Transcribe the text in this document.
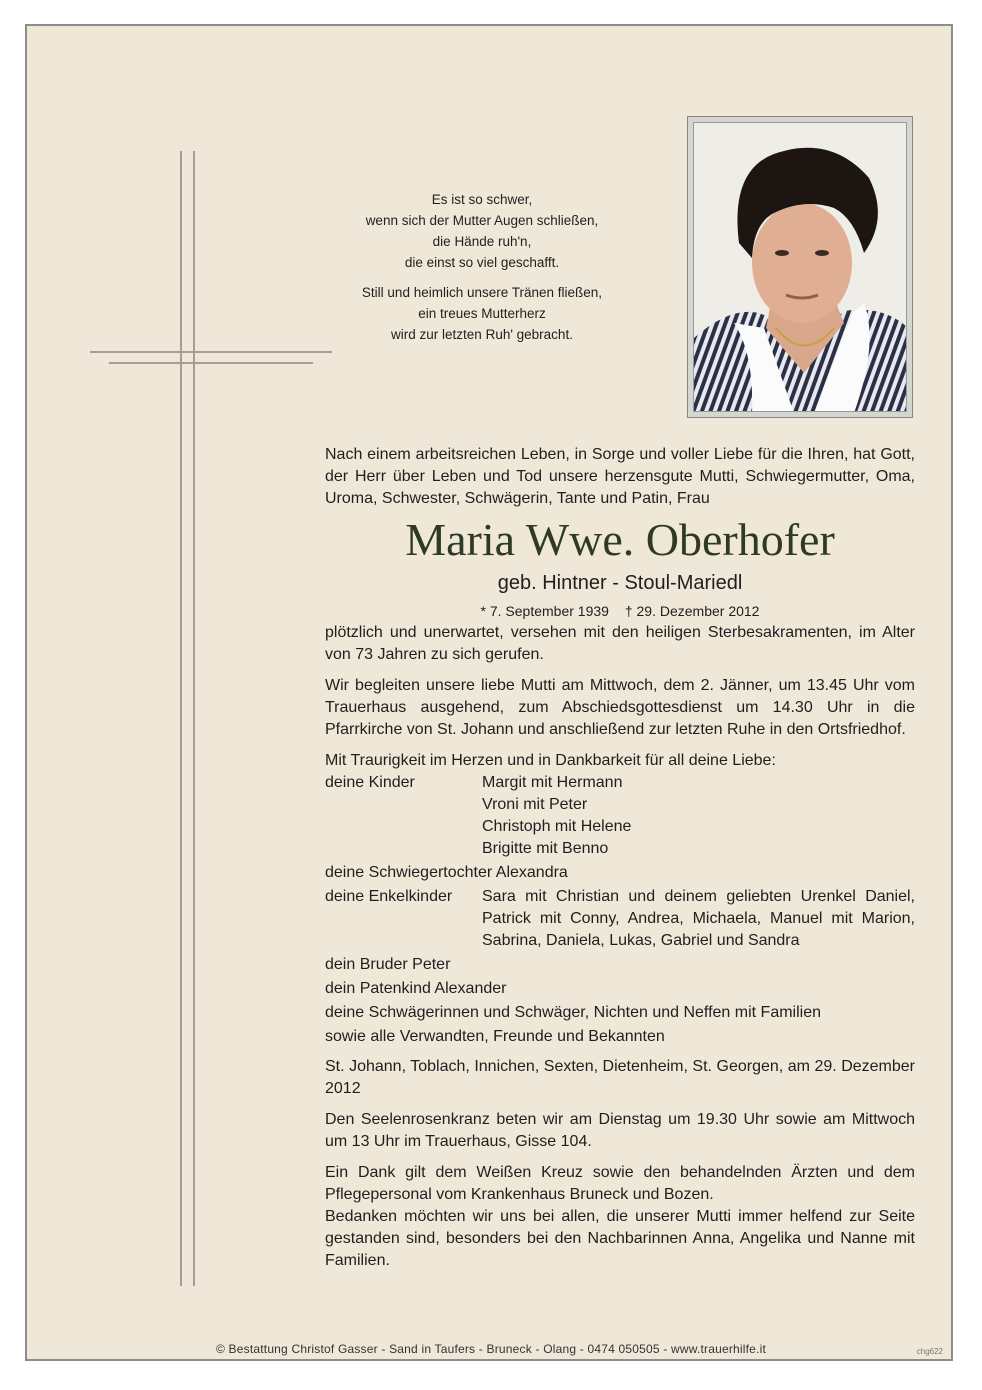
Es ist so schwer,
wenn sich der Mutter Augen schließen,
die Hände ruh'n,
die einst so viel geschafft.

Still und heimlich unsere Tränen fließen,
ein treues Mutterherz
wird zur letzten Ruh' gebracht.

Nach einem arbeitsreichen Leben, in Sorge und voller Liebe für die Ihren, hat Gott, der Herr über Leben und Tod unsere herzensgute Mutti, Schwiegermutter, Oma, Uroma, Schwester, Schwägerin, Tante und Patin, Frau

Maria Wwe. Oberhofer
geb. Hintner - Stoul-Mariedl
* 7. September 1939 † 29. Dezember 2012

plötzlich und unerwartet, versehen mit den heiligen Sterbesakramenten, im Alter von 73 Jahren zu sich gerufen.

Wir begleiten unsere liebe Mutti am Mittwoch, dem 2. Jänner, um 13.45 Uhr vom Trauerhaus ausgehend, zum Abschiedsgottesdienst um 14.30 Uhr in die Pfarrkirche von St. Johann und anschließend zur letzten Ruhe in den Ortsfriedhof.

Mit Traurigkeit im Herzen und in Dankbarkeit für all deine Liebe:
deine Kinder	Margit mit Hermann
Vroni mit Peter
Christoph mit Helene
Brigitte mit Benno
deine Schwiegertochter Alexandra
deine Enkelkinder	Sara mit Christian und deinem geliebten Urenkel Daniel, Patrick mit Conny, Andrea, Michaela, Manuel mit Marion, Sabrina, Daniela, Lukas, Gabriel und Sandra
dein Bruder Peter
dein Patenkind Alexander
deine Schwägerinnen und Schwäger, Nichten und Neffen mit Familien
sowie alle Verwandten, Freunde und Bekannten

St. Johann, Toblach, Innichen, Sexten, Dietenheim, St. Georgen, am 29. Dezember 2012

Den Seelenrosenkranz beten wir am Dienstag um 19.30 Uhr sowie am Mittwoch um 13 Uhr im Trauerhaus, Gisse 104.

Ein Dank gilt dem Weißen Kreuz sowie den behandelnden Ärzten und dem Pflegepersonal vom Krankenhaus Bruneck und Bozen.

Bedanken möchten wir uns bei allen, die unserer Mutti immer helfend zur Seite gestanden sind, besonders bei den Nachbarinnen Anna, Angelika und Nanne mit Familien.

© Bestattung Christof Gasser - Sand in Taufers - Bruneck - Olang - 0474 050505 - www.trauerhilfe.it	chg622
